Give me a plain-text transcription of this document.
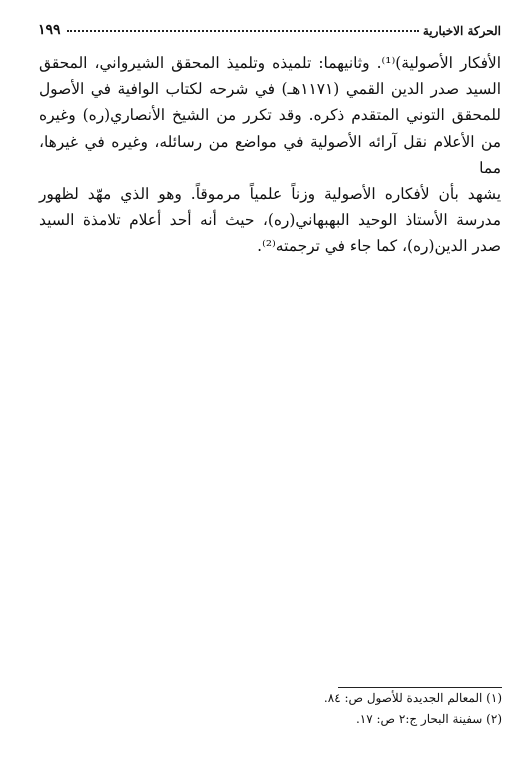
الحركة الاخبارية
١٩٩
الأفكار الأصولية)⁽¹⁾. وثانيهما: تلميذه وتلميذ المحقق الشيرواني، المحقق
السيد صدر الدين القمي (١١٧١هـ) في شرحه لكتاب الوافية في الأصول
للمحقق التوني المتقدم ذكره. وقد تكرر من الشيخ الأنصاري(ره) وغيره
من الأعلام نقل آرائه الأصولية في مواضع من رسائله، وغيره في غيرها، مما
يشهد بأن لأفكاره الأصولية وزناً علمياً مرموقاً. وهو الذي مهّد لظهور
مدرسة الأستاذ الوحيد البهبهاني(ره)، حيث أنه أحد أعلام تلامذة السيد
صدر الدين(ره)، كما جاء في ترجمته⁽²⁾.
(١) المعالم الجديدة للأصول ص: ٨٤.
(٢) سفينة البحار ج:٢ ص: ١٧.
